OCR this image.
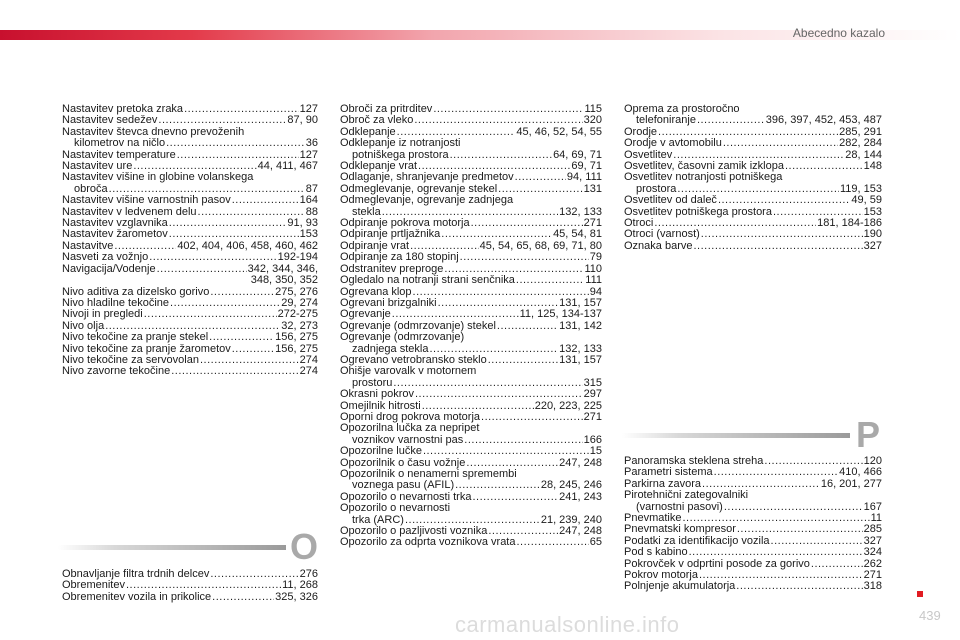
Abecedno kazalo
Nastavitev pretoka zraka .....	127
Nastavitev sedežev .....	87, 90
Nastavitev števca dnevno prevoženih
kilometrov na ničlo .....	36
Nastavitev temperature .....	127
Nastavitev ure .....	44, 411, 467
Nastavitev višine in globine volanskega
obroča .....	87
Nastavitev višine varnostnih pasov .....	164
Nastavitev v ledvenem delu .....	88
Nastavitev vzglavnika .....	91, 93
Nastavitev žarometov .....	153
Nastavitve .....	402, 404, 406, 458, 460, 462
Nasveti za vožnjo .....	192-194
Navigacija/Vodenje .....	342, 344, 346,
348, 350, 352
Nivo aditiva za dizelsko gorivo .....	275, 276
Nivo hladilne tekočine .....	29, 274
Nivoji in pregledi .....	272-275
Nivo olja .....	32, 273
Nivo tekočine za pranje stekel .....	156, 275
Nivo tekočine za pranje žarometov .....	156, 275
Nivo tekočine za servovolan .....	274
Nivo zavorne tekočine .....	274
O
Obnavljanje filtra trdnih delcev .....	276
Obremenitev .....	11, 268
Obremenitev vozila in prikolice .....	325, 326
Obroči za pritrditev .....	115
Obroč za vleko .....	320
Odklepanje .....	45, 46, 52, 54, 55
Odklepanje iz notranjosti
potniškega prostora .....	64, 69, 71
Odklepanje vrat .....	69, 71
Odlaganje, shranjevanje predmetov .....	94, 111
Odmeglevanje, ogrevanje stekel .....	131
Odmeglevanje, ogrevanje zadnjega
stekla .....	132, 133
Odpiranje pokrova motorja .....	271
Odpiranje prtljažnika .....	45, 54, 81
Odpiranje vrat .....	45, 54, 65, 68, 69, 71, 80
Odpiranje za 180 stopinj .....	79
Odstranitev preproge .....	110
Ogledalo na notranji strani senčnika .....	111
Ogrevana klop .....	94
Ogrevani brizgalniki .....	131, 157
Ogrevanje .....	11, 125, 134-137
Ogrevanje (odmrzovanje) stekel .....	131, 142
Ogrevanje (odmrzovanje)
zadnjega stekla .....	132, 133
Ogrevano vetrobransko steklo .....	131, 157
Ohišje varovalk v motornem
prostoru .....	315
Okrasni pokrov .....	297
Omejilnik hitrosti .....	220, 223, 225
Oporni drog pokrova motorja .....	271
Opozorilna lučka za nepripet
voznikov varnostni pas .....	166
Opozorilne lučke .....	15
Opozorilnik o času vožnje .....	247, 248
Opozorilnik o nenamerni spremembi
voznega pasu (AFIL) .....	28, 245, 246
Opozorilo o nevarnosti trka .....	241, 243
Opozorilo o nevarnosti
trka (ARC) .....	21, 239, 240
Opozorilo o pazljivosti voznika .....	247, 248
Opozorilo za odprta voznikova vrata .....	65
Oprema za prostoročno
telefoniranje .....	396, 397, 452, 453, 487
Orodje .....	285, 291
Orodje v avtomobilu .....	282, 284
Osvetlitev .....	28, 144
Osvetlitev, časovni zamik izklopa .....	148
Osvetlitev notranjosti potniškega
prostora .....	119, 153
Osvetlitev od daleč .....	49, 59
Osvetlitev potniškega prostora .....	153
Otroci .....	181, 184-186
Otroci (varnost) .....	190
Oznaka barve .....	327
P
Panoramska steklena streha .....	120
Parametri sistema .....	410, 466
Parkirna zavora .....	16, 201, 277
Pirotehnični zategovalniki
(varnostni pasovi) .....	167
Pnevmatike .....	11
Pnevmatski kompresor .....	285
Podatki za identifikacijo vozila .....	327
Pod s kabino .....	324
Pokrovček v odprtini posode za gorivo .....	262
Pokrov motorja .....	271
Polnjenje akumulatorja .....	318
439
carmanualsonline.info
